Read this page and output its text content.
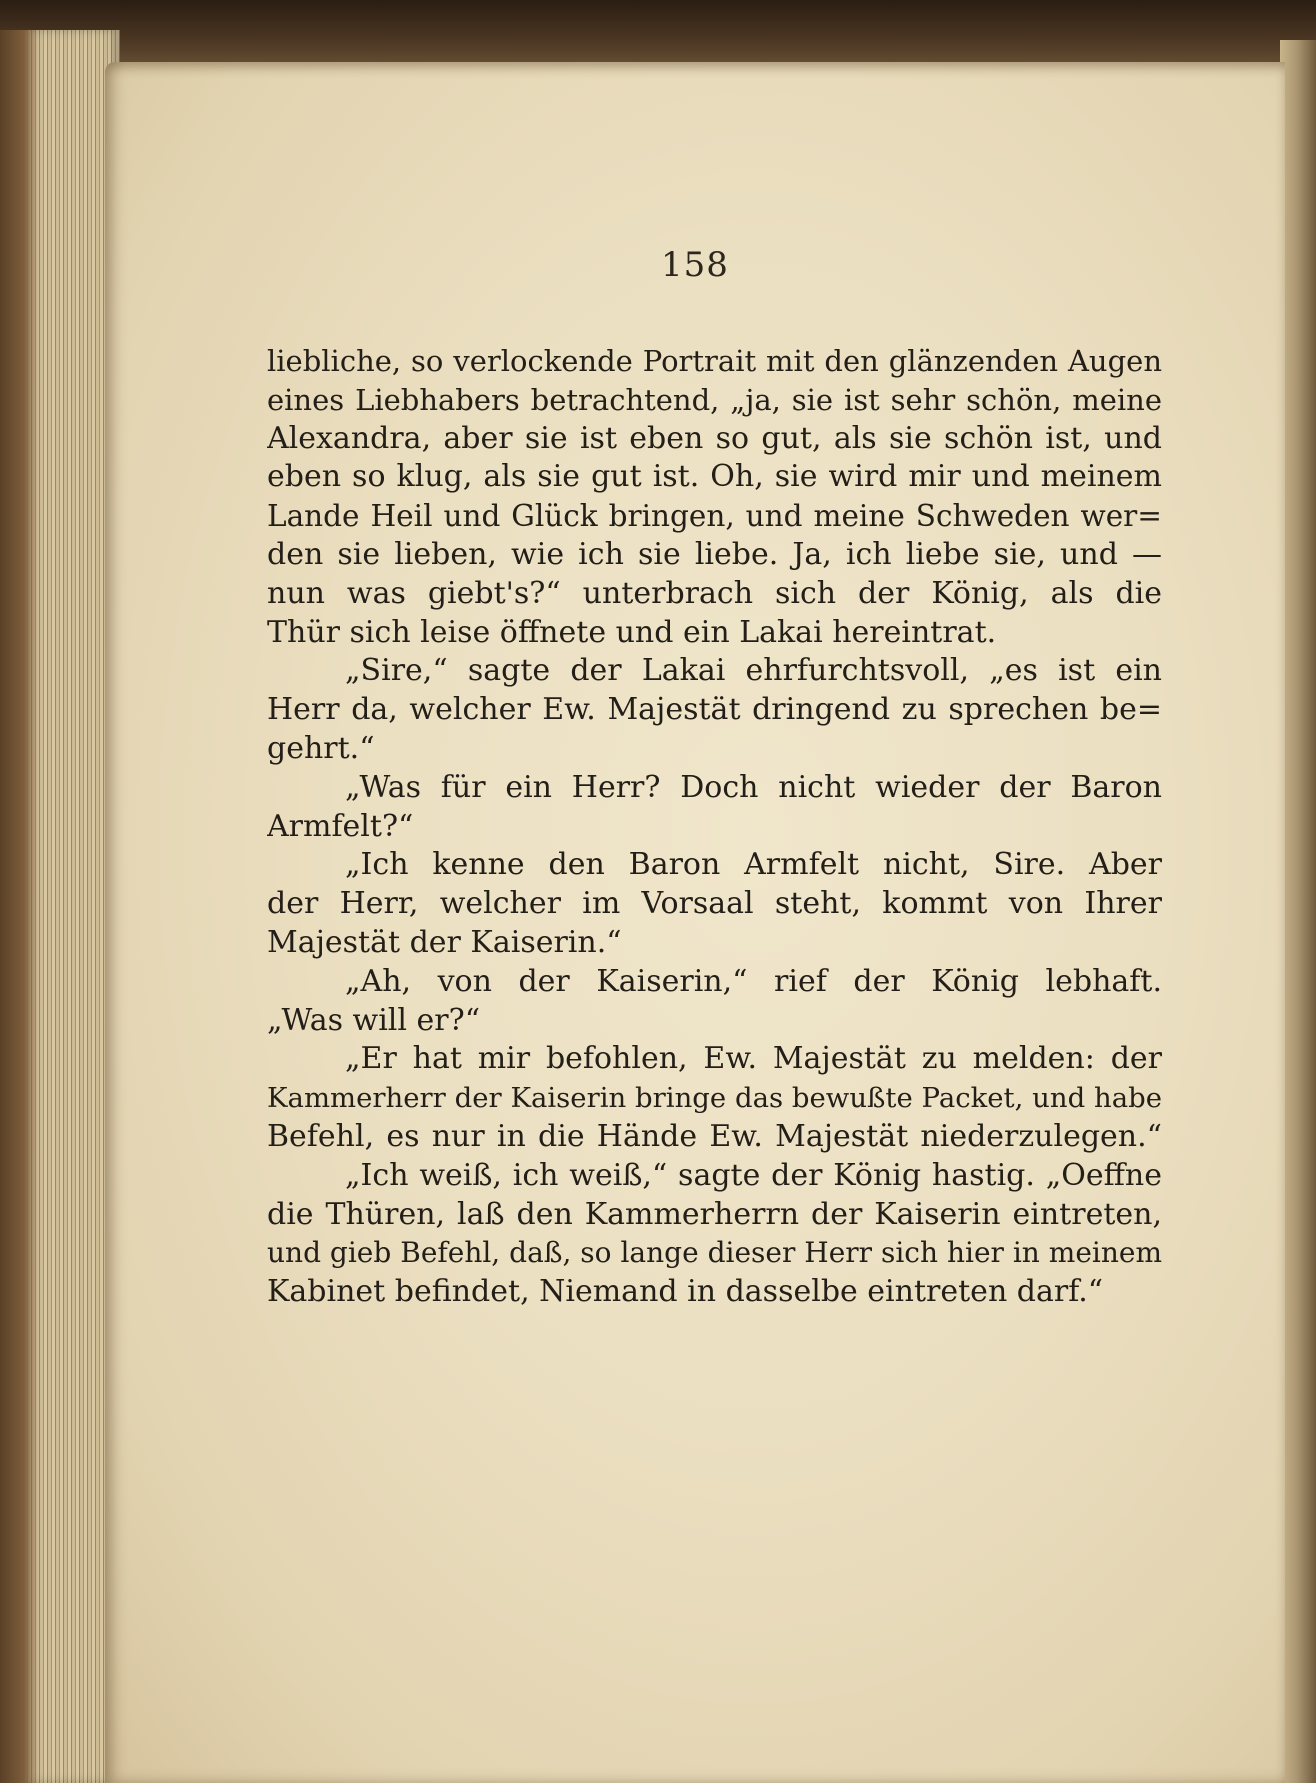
158
liebliche, so verlockende Portrait mit den glänzenden Augen
eines Liebhabers betrachtend, „ja, sie ist sehr schön, meine
Alexandra, aber sie ist eben so gut, als sie schön ist, und
eben so klug, als sie gut ist. Oh, sie wird mir und meinem
Lande Heil und Glück bringen, und meine Schweden wer=
den sie lieben, wie ich sie liebe. Ja, ich liebe sie, und —
nun was giebt's?“ unterbrach sich der König, als die
Thür sich leise öffnete und ein Lakai hereintrat.
„Sire,“ sagte der Lakai ehrfurchtsvoll, „es ist ein
Herr da, welcher Ew. Majestät dringend zu sprechen be=
gehrt.“
„Was für ein Herr? Doch nicht wieder der Baron
Armfelt?“
„Ich kenne den Baron Armfelt nicht, Sire. Aber
der Herr, welcher im Vorsaal steht, kommt von Ihrer
Majestät der Kaiserin.“
„Ah, von der Kaiserin,“ rief der König lebhaft.
„Was will er?“
„Er hat mir befohlen, Ew. Majestät zu melden: der
Kammerherr der Kaiserin bringe das bewußte Packet, und habe
Befehl, es nur in die Hände Ew. Majestät niederzulegen.“
„Ich weiß, ich weiß,“ sagte der König hastig. „Oeffne
die Thüren, laß den Kammerherrn der Kaiserin eintreten,
und gieb Befehl, daß, so lange dieser Herr sich hier in meinem
Kabinet befindet, Niemand in dasselbe eintreten darf.“
